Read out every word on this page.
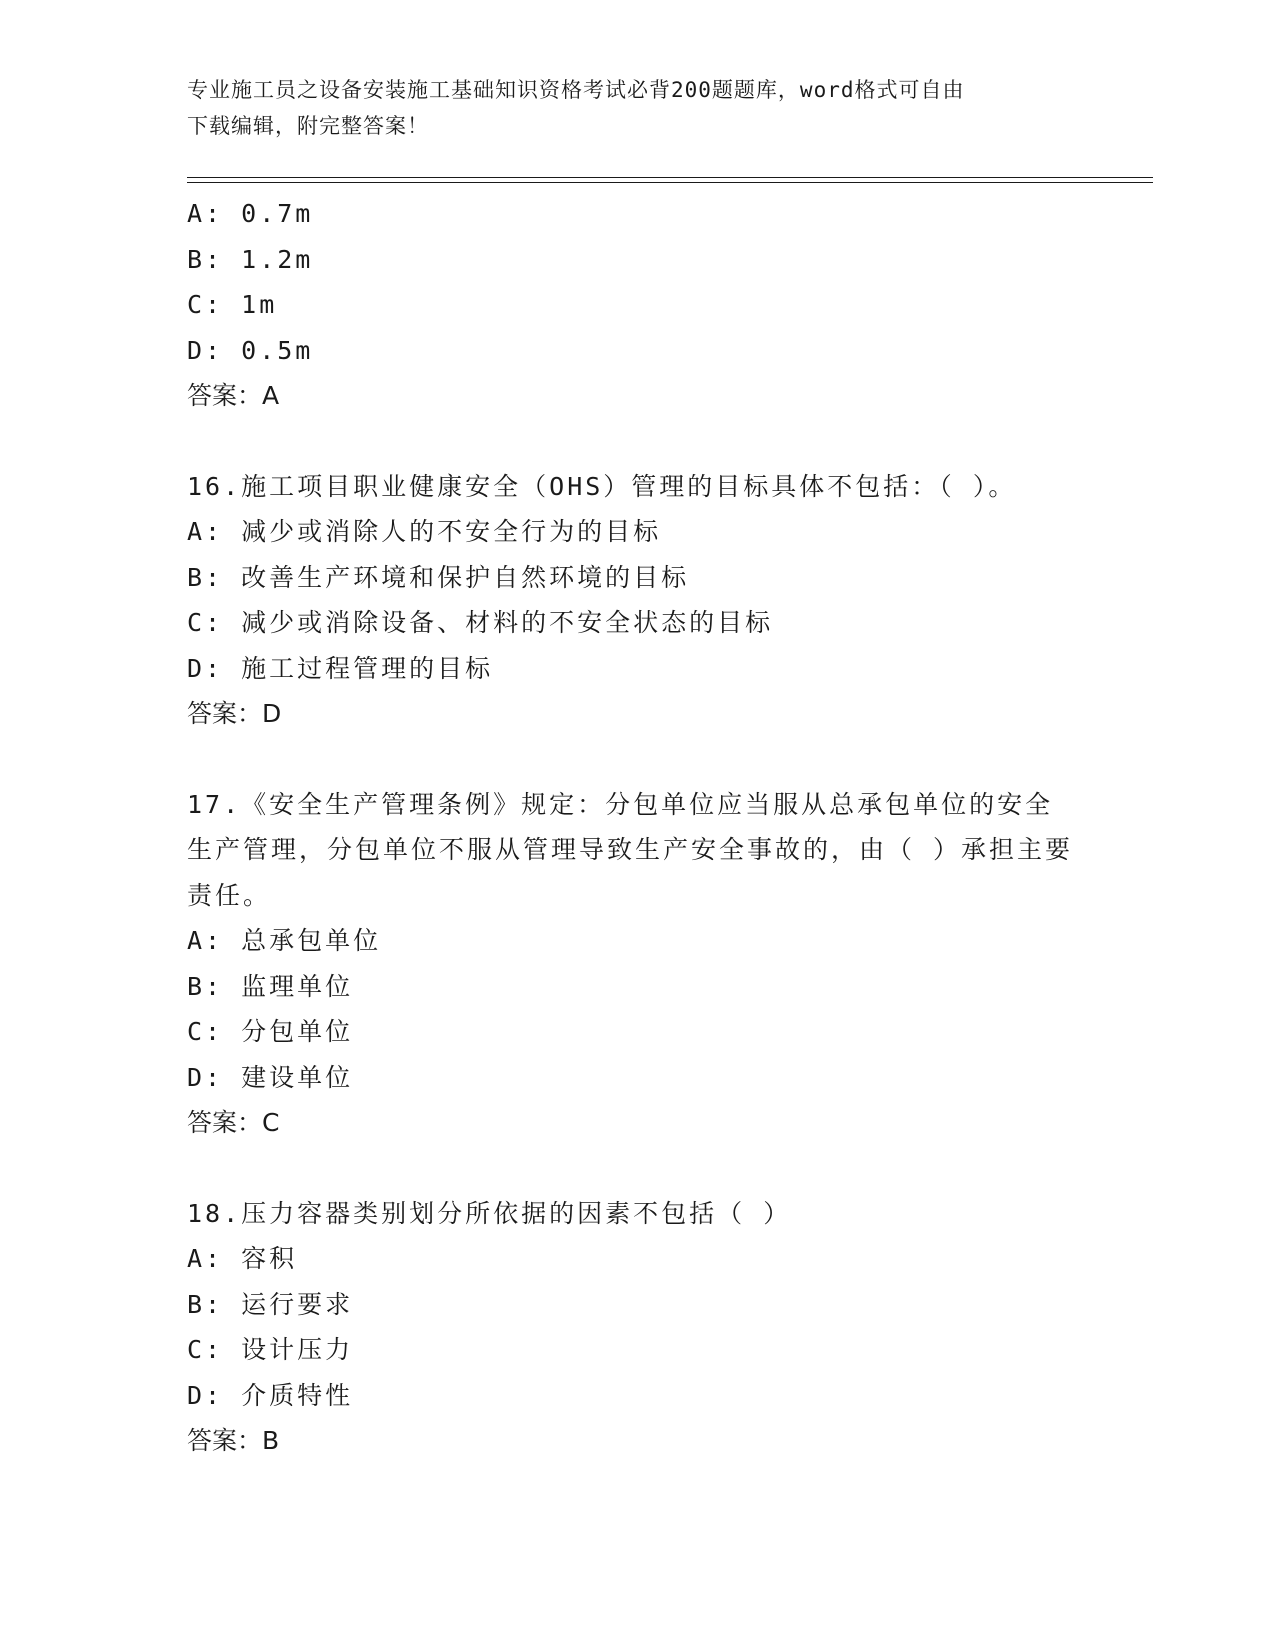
专业施工员之设备安装施工基础知识资格考试必背200题题库，word格式可自由
下载编辑，附完整答案！
A: 0.7m
B: 1.2m
C: 1m
D: 0.5m
答案：A
16.施工项目职业健康安全（OHS）管理的目标具体不包括：（ ）。
A: 减少或消除人的不安全行为的目标
B: 改善生产环境和保护自然环境的目标
C: 减少或消除设备、材料的不安全状态的目标
D: 施工过程管理的目标
答案：D
17.《安全生产管理条例》规定：分包单位应当服从总承包单位的安全生产管理，分包单位不服从管理导致生产安全事故的，由（ ）承担主要责任。
A: 总承包单位
B: 监理单位
C: 分包单位
D: 建设单位
答案：C
18.压力容器类别划分所依据的因素不包括（ ）
A: 容积
B: 运行要求
C: 设计压力
D: 介质特性
答案：B
